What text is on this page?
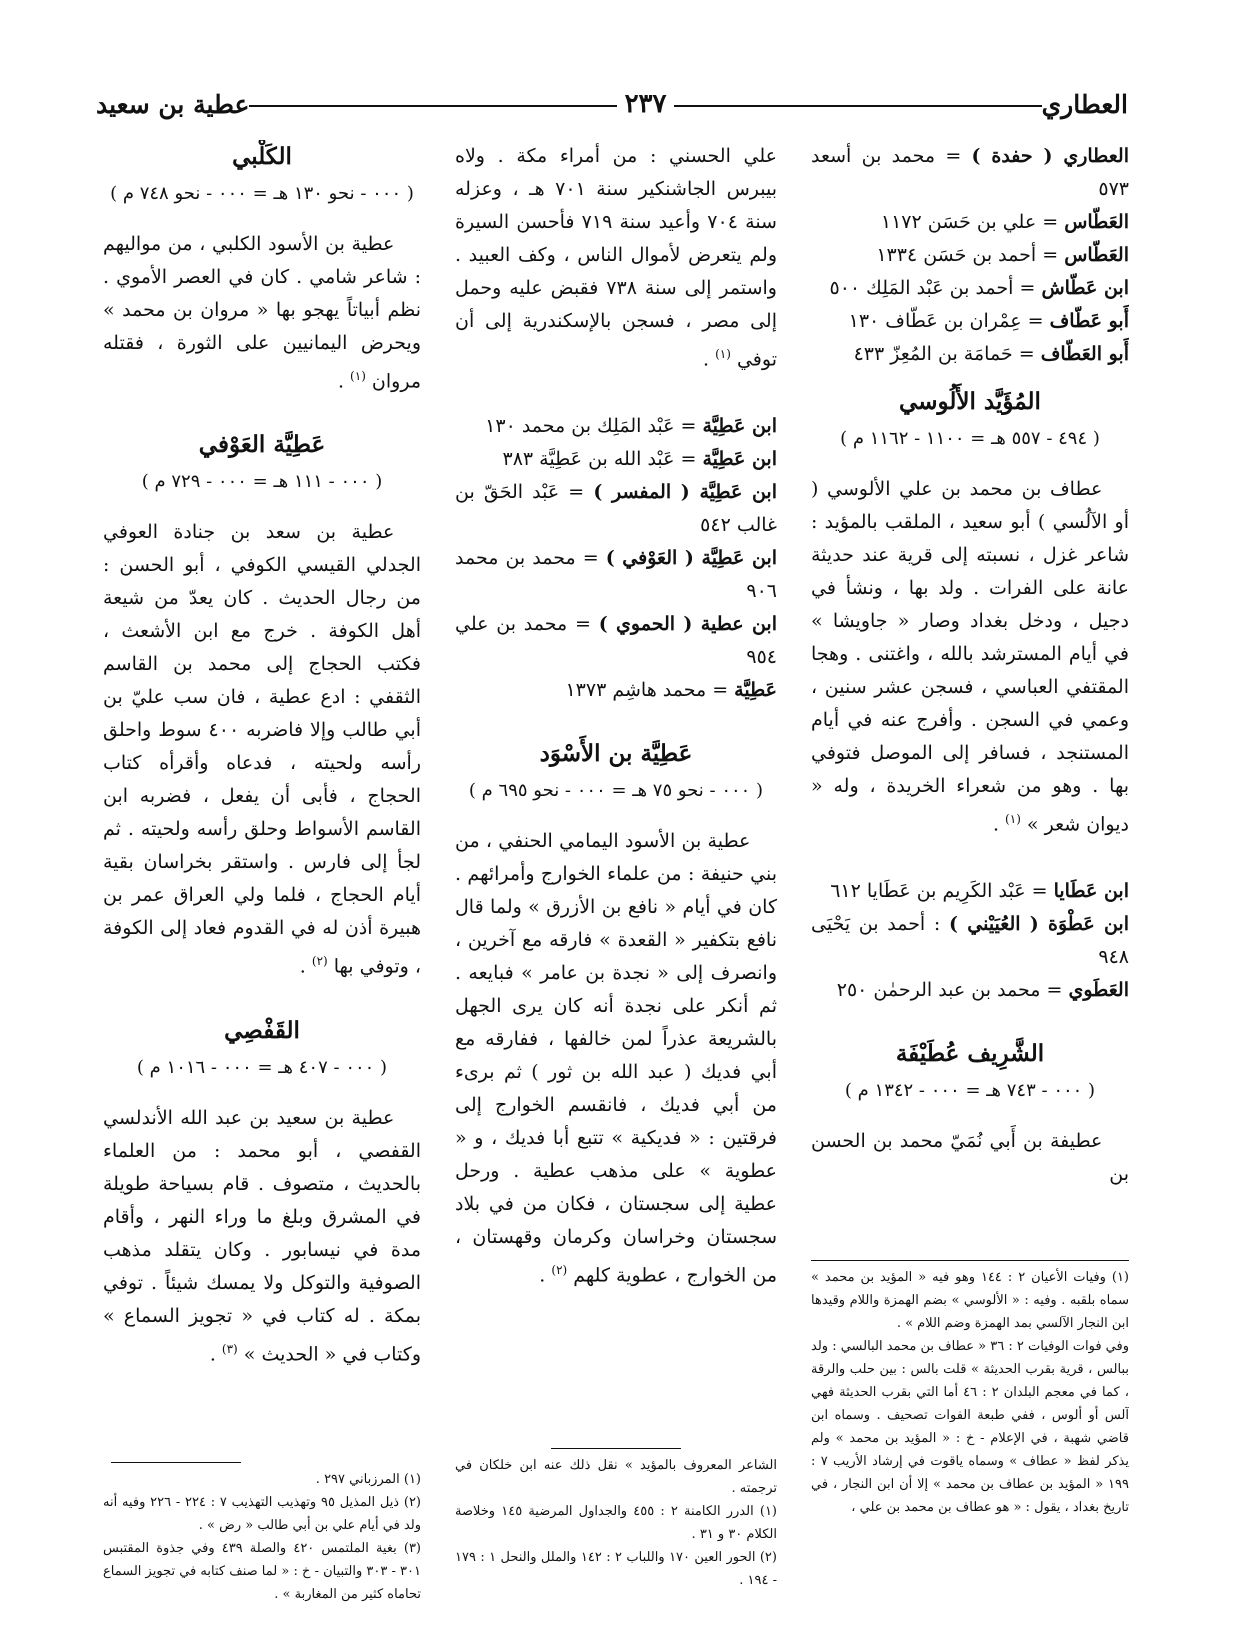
العطاري
٢٣٧
عطية بن سعيد

العطاري ( حفدة ) = محمد بن أسعد ٥٧٣

العَطّاس = علي بن حَسَن ١١٧٢

العَطّاس = أحمد بن حَسَن ١٣٣٤

ابن عَطّاش = أحمد بن عَبْد المَلِك ٥٠٠

أَبو عَطّاف = عِمْران بن عَطّاف ١٣٠

أَبو العَطّاف = حَمامَة بن المُعِزّ ٤٣٣

المُؤَيَّد الأَلُوسي
( ٤٩٤ - ٥٥٧ هـ = ١١٠٠ - ١١٦٢ م )

عطاف بن محمد بن علي الألوسي ( أو الآلُسي ) أبو سعيد ، الملقب بالمؤيد : شاعر غزل ، نسبته إلى قرية عند حديثة عانة على الفرات . ولد بها ، ونشأ في دجيل ، ودخل بغداد وصار « جاويشا » في أيام المسترشد بالله ، واغتنى . وهجا المقتفي العباسي ، فسجن عشر سنين ، وعمي في السجن . وأفرج عنه في أيام المستنجد ، فسافر إلى الموصل فتوفي بها . وهو من شعراء الخريدة ، وله « ديوان شعر » $^{(١)}$ .

ابن عَطَايا = عَبْد الكَرِيم بن عَطَايا ٦١٢

ابن عَطْوَة ( العُيَيْني ) : أحمد بن يَحْيَى ٩٤٨

العَطَوي = محمد بن عبد الرحمٰن ٢٥٠

الشَّرِيف عُطَيْفَة
( ٠٠٠ - ٧٤٣ هـ = ٠٠٠ - ١٣٤٢ م )

عطيفة بن أَبي نُمَيّ محمد بن الحسن بن

علي الحسني : من أمراء مكة . ولاه بيبرس الجاشنكير سنة ٧٠١ هـ ، وعزله سنة ٧٠٤ وأعيد سنة ٧١٩ فأحسن السيرة ولم يتعرض لأموال الناس ، وكف العبيد . واستمر إلى سنة ٧٣٨ فقبض عليه وحمل إلى مصر ، فسجن بالإسكندرية إلى أن توفي $^{(١)}$ .

ابن عَطِيَّة = عَبْد المَلِك بن محمد ١٣٠

ابن عَطِيَّة = عَبْد الله بن عَطِيَّة ٣٨٣

ابن عَطِيَّة ( المفسر ) = عَبْد الحَقّ بن غالب ٥٤٢

ابن عَطِيَّة ( العَوْفي ) = محمد بن محمد ٩٠٦

ابن عطية ( الحموي ) = محمد بن علي ٩٥٤

عَطِيَّة = محمد هاشِم ١٣٧٣

عَطِيَّة بن الأَسْوَد
( ٠٠٠ - نحو ٧٥ هـ = ٠٠٠ - نحو ٦٩٥ م )

عطية بن الأسود اليمامي الحنفي ، من بني حنيفة : من علماء الخوارج وأمرائهم . كان في أيام « نافع بن الأزرق » ولما قال نافع بتكفير « القعدة » فارقه مع آخرين ، وانصرف إلى « نجدة بن عامر » فبايعه . ثم أنكر على نجدة أنه كان يرى الجهل بالشريعة عذراً لمن خالفها ، ففارقه مع أبي فديك ( عبد الله بن ثور ) ثم برىء من أبي فديك ، فانقسم الخوارج إلى فرقتين : « فديكية » تتبع أبا فديك ، و « عطوية » على مذهب عطية . ورحل عطية إلى سجستان ، فكان من في بلاد سجستان وخراسان وكرمان وقهستان ، من الخوارج ، عطوية كلهم $^{(٢)}$ .

الكَلْبي
( ٠٠٠ - نحو ١٣٠ هـ = ٠٠٠ - نحو ٧٤٨ م )

عطية بن الأسود الكلبي ، من مواليهم : شاعر شامي . كان في العصر الأموي . نظم أبياتاً يهجو بها « مروان بن محمد » ويحرض اليمانيين على الثورة ، فقتله مروان $^{(١)}$ .

عَطِيَّة العَوْفي
( ٠٠٠ - ١١١ هـ = ٠٠٠ - ٧٢٩ م )

عطية بن سعد بن جنادة العوفي الجدلي القيسي الكوفي ، أبو الحسن : من رجال الحديث . كان يعدّ من شيعة أهل الكوفة . خرج مع ابن الأشعث ، فكتب الحجاج إلى محمد بن القاسم الثقفي : ادع عطية ، فان سب عليّ بن أبي طالب وإلا فاضربه ٤٠٠ سوط واحلق رأسه ولحيته ، فدعاه وأقرأه كتاب الحجاج ، فأبى أن يفعل ، فضربه ابن القاسم الأسواط وحلق رأسه ولحيته . ثم لجأ إلى فارس . واستقر بخراسان بقية أيام الحجاج ، فلما ولي العراق عمر بن هبيرة أذن له في القدوم فعاد إلى الكوفة ، وتوفي بها $^{(٢)}$ .

القَفْصِي
( ٠٠٠ - ٤٠٧ هـ = ٠٠٠ - ١٠١٦ م )

عطية بن سعيد بن عبد الله الأندلسي القفصي ، أبو محمد : من العلماء بالحديث ، متصوف . قام بسياحة طويلة في المشرق وبلغ ما وراء النهر ، وأقام مدة في نيسابور . وكان يتقلد مذهب الصوفية والتوكل ولا يمسك شيئاً . توفي بمكة . له كتاب في « تجويز السماع » وكتاب في « الحديث » $^{(٣)}$ .

(١) وفيات الأعيان ٢ : ١٤٤ وهو فيه « المؤيد بن محمد » سماه بلقبه . وفيه : « الألوسي » بضم الهمزة واللام وقيدها ابن النجار الآلسي بمد الهمزة وضم اللام » .

وفي فوات الوفيات ٢ : ٣٦ « عطاف بن محمد البالسي : ولد ببالس ، قرية بقرب الحديثة » قلت بالس : بين حلب والرقة ، كما في معجم البلدان ٢ : ٤٦ أما التي بقرب الحديثة فهي آلس أو ألوس ، ففي طبعة الفوات تصحيف . وسماه ابن قاضي شهبة ، في الإعلام - خ : « المؤيد بن محمد » ولم يذكر لفظ « عطاف » وسماه ياقوت في إرشاد الأريب ٧ : ١٩٩ « المؤيد بن عطاف بن محمد » إلا أن ابن النجار ، في تاريخ بغداد ، يقول : « هو عطاف بن محمد بن علي ،

الشاعر المعروف بالمؤيد » نقل ذلك عنه ابن خلكان في ترجمته .

(١) الدرر الكامنة ٢ : ٤٥٥ والجداول المرضية ١٤٥ وخلاصة الكلام ٣٠ و ٣١ .

(٢) الحور العين ١٧٠ واللباب ٢ : ١٤٢ والملل والنحل ١ : ١٧٩ - ١٩٤ .

(١) المرزباني ٢٩٧ .

(٢) ذيل المذيل ٩٥ وتهذيب التهذيب ٧ : ٢٢٤ - ٢٢٦ وفيه أنه ولد في أيام علي بن أبي طالب « رض » .

(٣) بغية الملتمس ٤٢٠ والصلة ٤٣٩ وفي جذوة المقتبس ٣٠١ - ٣٠٣ والتبيان - خ : « لما صنف كتابه في تجويز السماع تحاماه كثير من المغاربة » .
